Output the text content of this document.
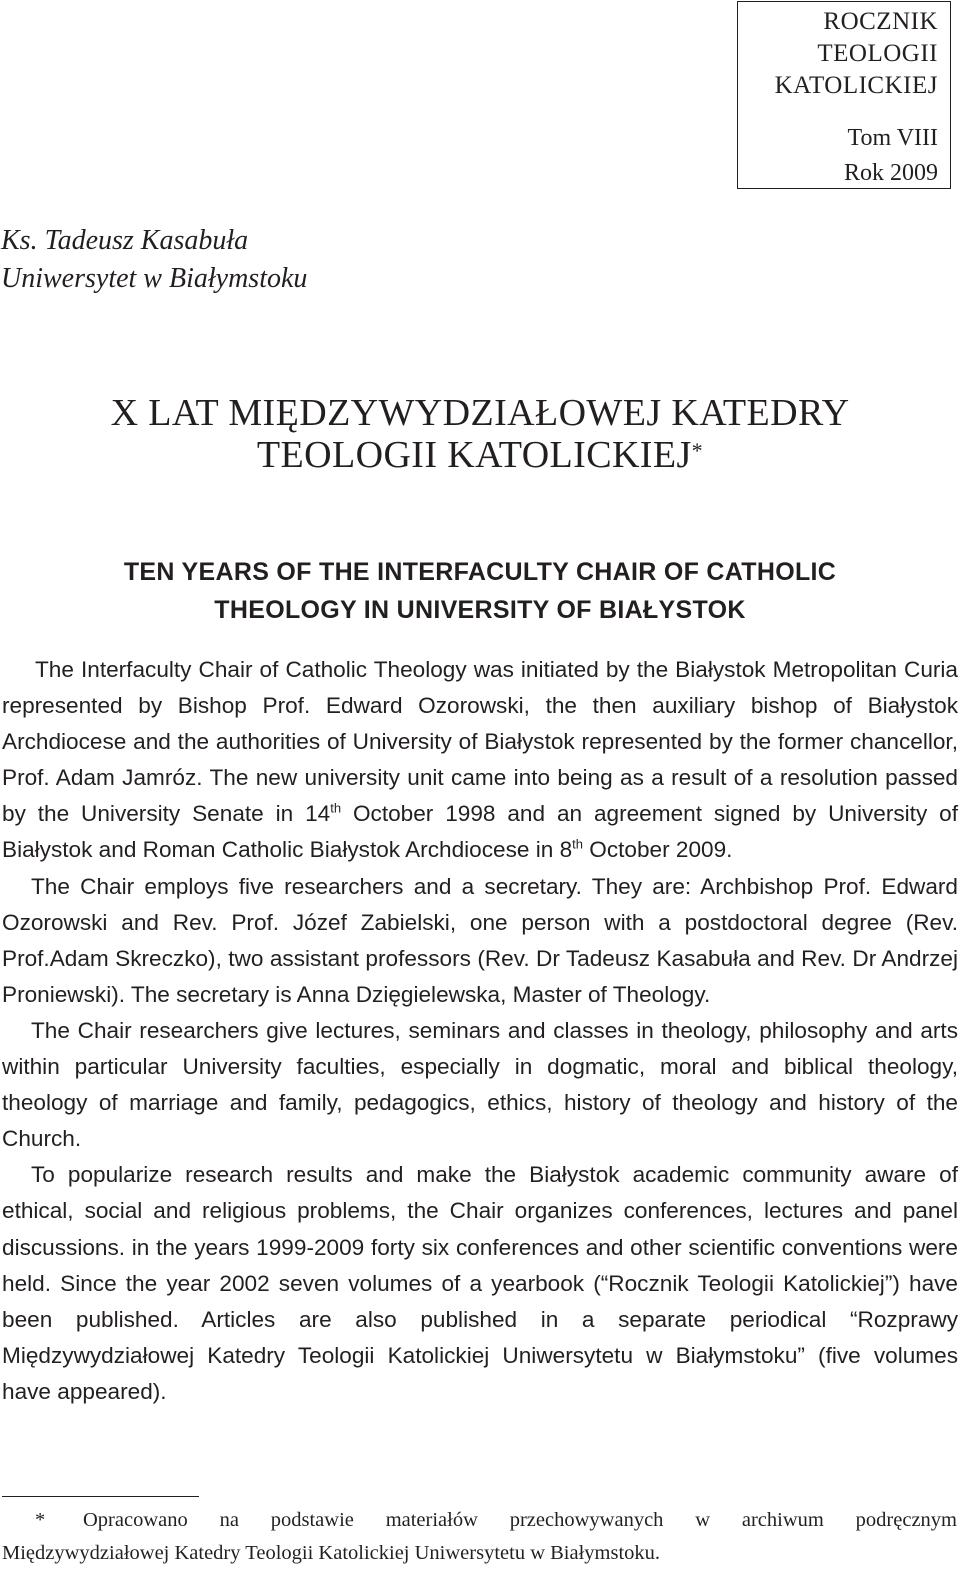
ROCZNIK
TEOLOGII
KATOLICKIEJ
Tom VIII
Rok 2009
Ks. Tadeusz Kasabuła
Uniwersytet w Białymstoku
X LAT MIĘDZYWYDZIAŁOWEJ KATEDRY
TEOLOGII KATOLICKIEJ*
TEN YEARS OF THE INTERFACULTY CHAIR OF CATHOLIC
THEOLOGY IN UNIVERSITY OF BIAŁYSTOK

The Interfaculty Chair of Catholic Theology was initiated by the Białystok Metropolitan Curia represented by Bishop Prof. Edward Ozorowski, the then auxiliary bishop of Białystok Archdiocese and the authorities of University of Białystok represented by the former chancellor, Prof. Adam Jamróz. The new university unit came into being as a result of a resolution passed by the University Senate in 14th October 1998 and an agreement signed by University of Białystok and Roman Catholic Białystok Archdiocese in 8th October 2009.

The Chair employs five researchers and a secretary. They are: Archbishop Prof. Edward Ozorowski and Rev. Prof. Józef Zabielski, one person with a postdoctoral degree (Rev. Prof.Adam Skreczko), two assistant professors (Rev. Dr Tadeusz Kasabuła and Rev. Dr Andrzej Proniewski). The secretary is Anna Dzięgielewska, Master of Theology.

The Chair researchers give lectures, seminars and classes in theology, philosophy and arts within particular University faculties, especially in dogmatic, moral and biblical theology, theology of marriage and family, pedagogics, ethics, history of theology and history of the Church.

To popularize research results and make the Białystok academic community aware of ethical, social and religious problems, the Chair organizes conferences, lectures and panel discussions. in the years 1999-2009 forty six conferences and other scientific conventions were held. Since the year 2002 seven volumes of a yearbook (“Rocznik Teologii Katolickiej”) have been published. Articles are also published in a separate periodical “Rozprawy Międzywydziałowej Katedry Teologii Katolickiej Uniwersytetu w Białymstoku” (five volumes have appeared).

* Opracowano na podstawie materiałów przechowywanych w archiwum podręcznym
Międzywydziałowej Katedry Teologii Katolickiej Uniwersytetu w Białymstoku.
